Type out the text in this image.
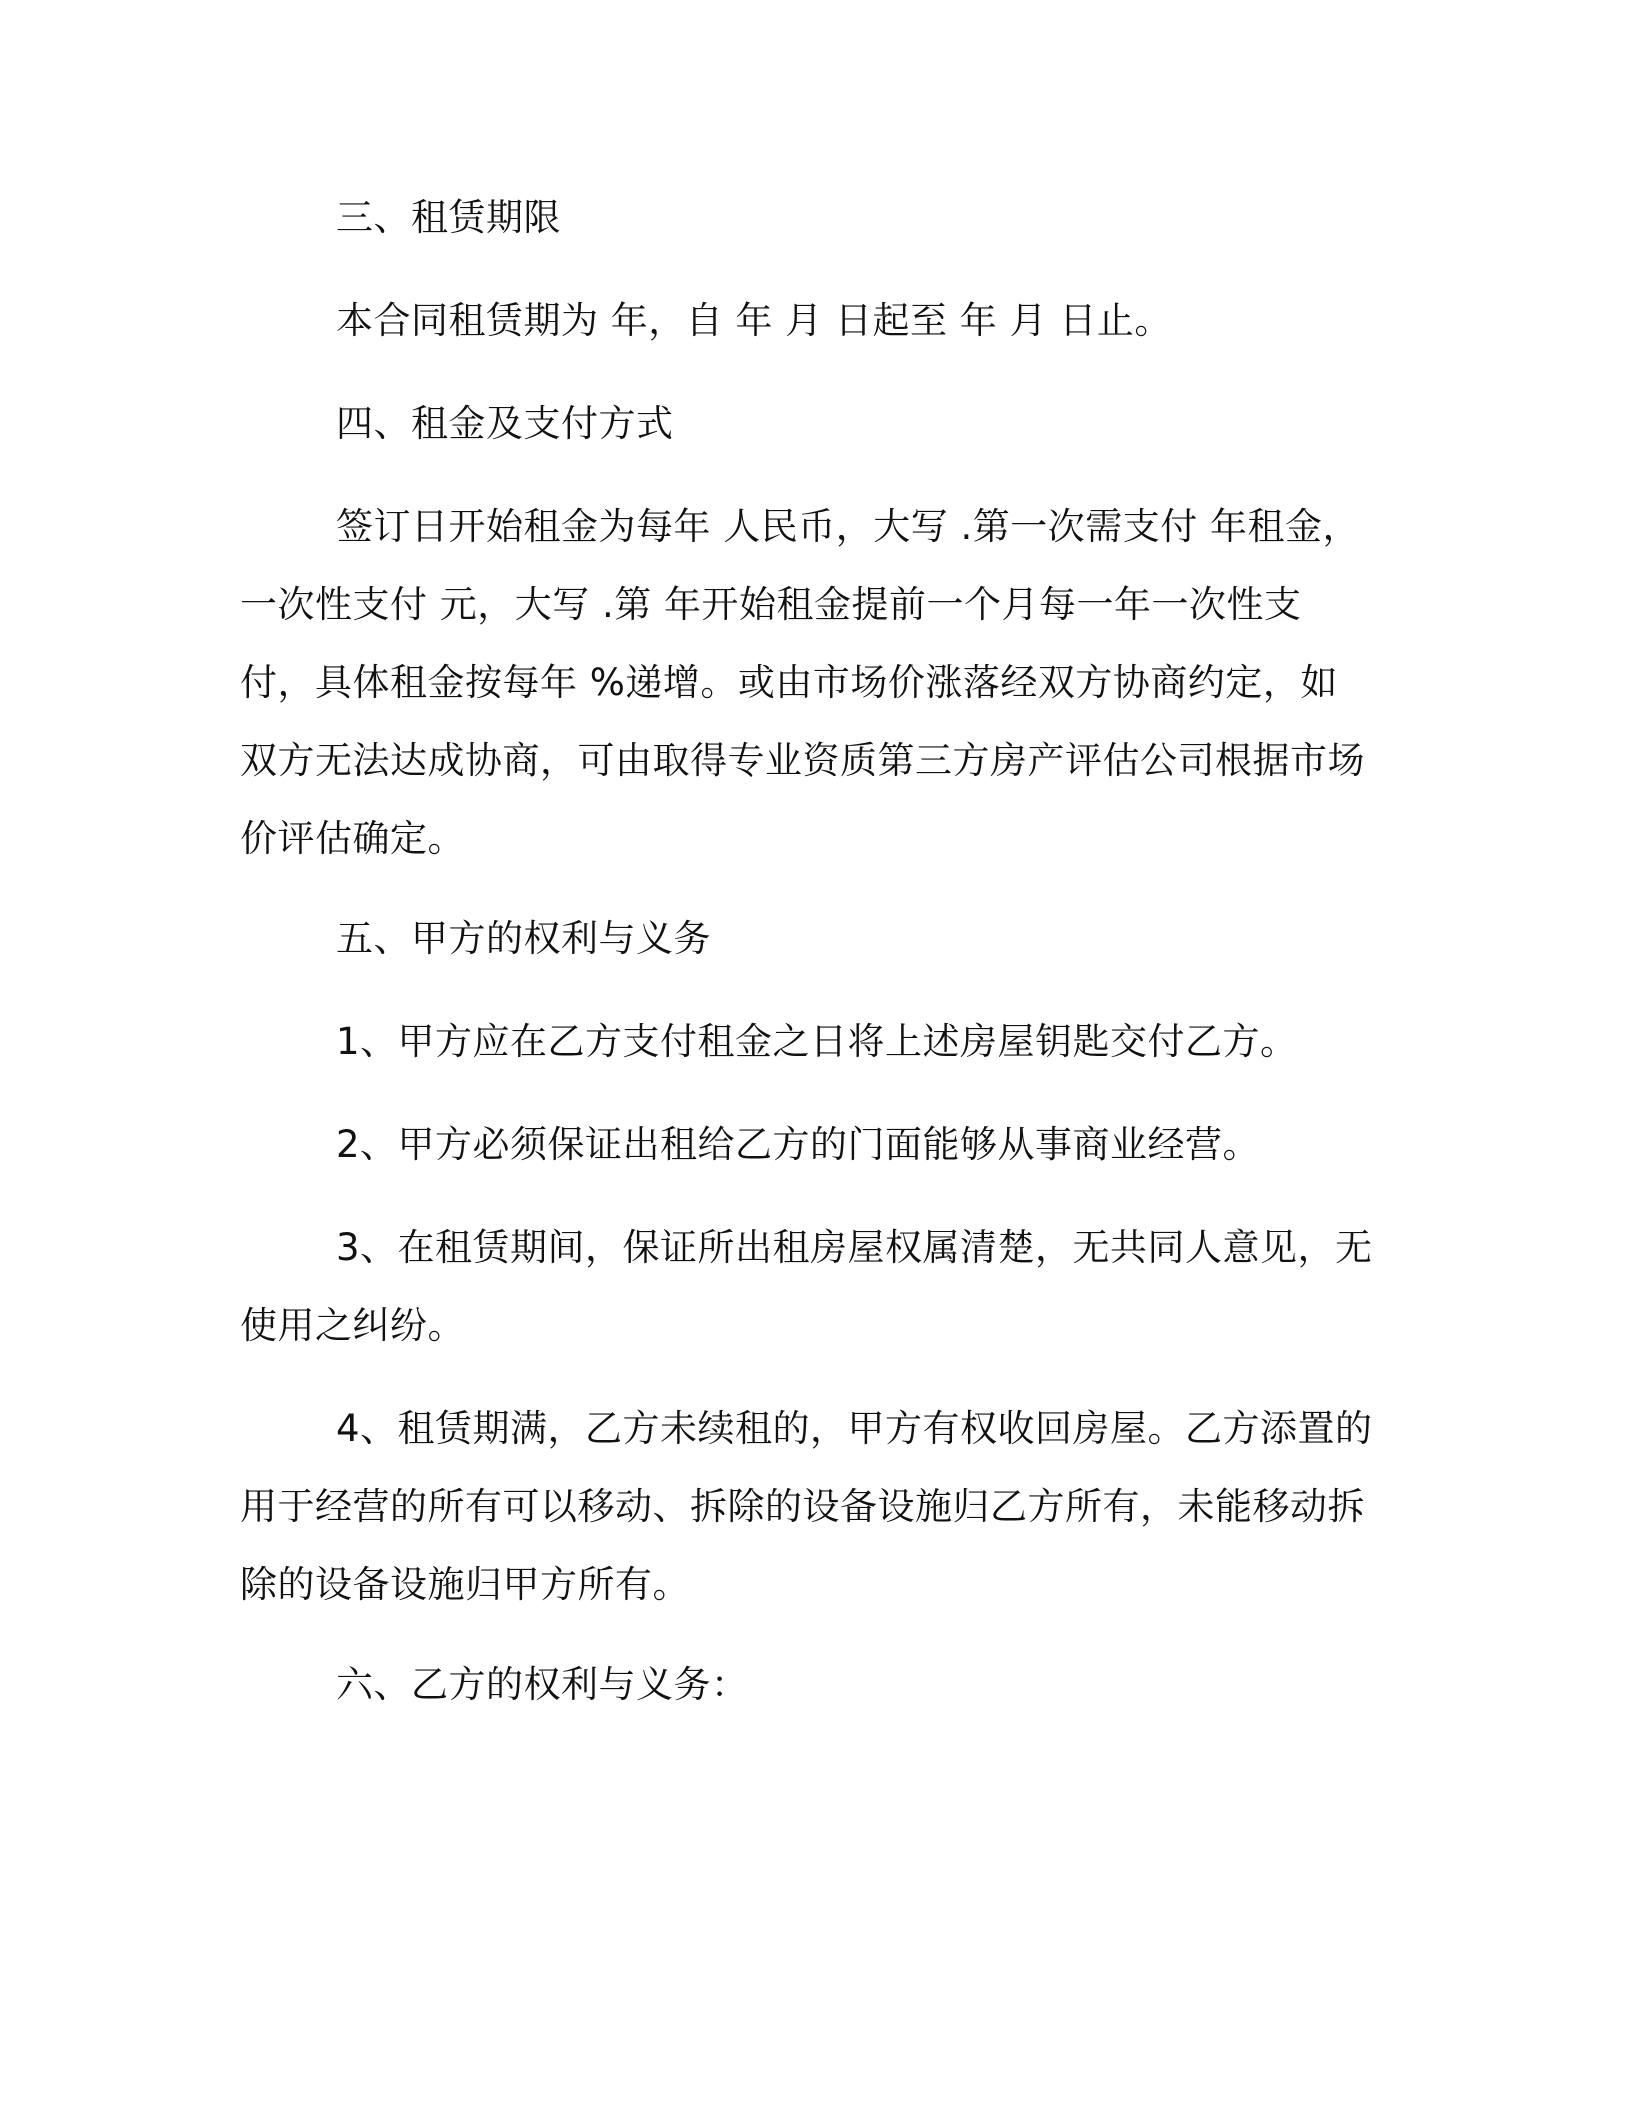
三、租赁期限
本合同租赁期为 年，自 年 月 日起至 年 月 日止。
四、租金及支付方式
签订日开始租金为每年 人民币，大写 .第一次需支付 年租金，一次性支付 元，大写 .第 年开始租金提前一个月每一年一次性支付，具体租金按每年 %递增。或由市场价涨落经双方协商约定，如双方无法达成协商，可由取得专业资质第三方房产评估公司根据市场价评估确定。
五、甲方的权利与义务
1、甲方应在乙方支付租金之日将上述房屋钥匙交付乙方。
2、甲方必须保证出租给乙方的门面能够从事商业经营。
3、在租赁期间，保证所出租房屋权属清楚，无共同人意见，无使用之纠纷。
4、租赁期满，乙方未续租的，甲方有权收回房屋。乙方添置的用于经营的所有可以移动、拆除的设备设施归乙方所有，未能移动拆除的设备设施归甲方所有。
六、乙方的权利与义务：
